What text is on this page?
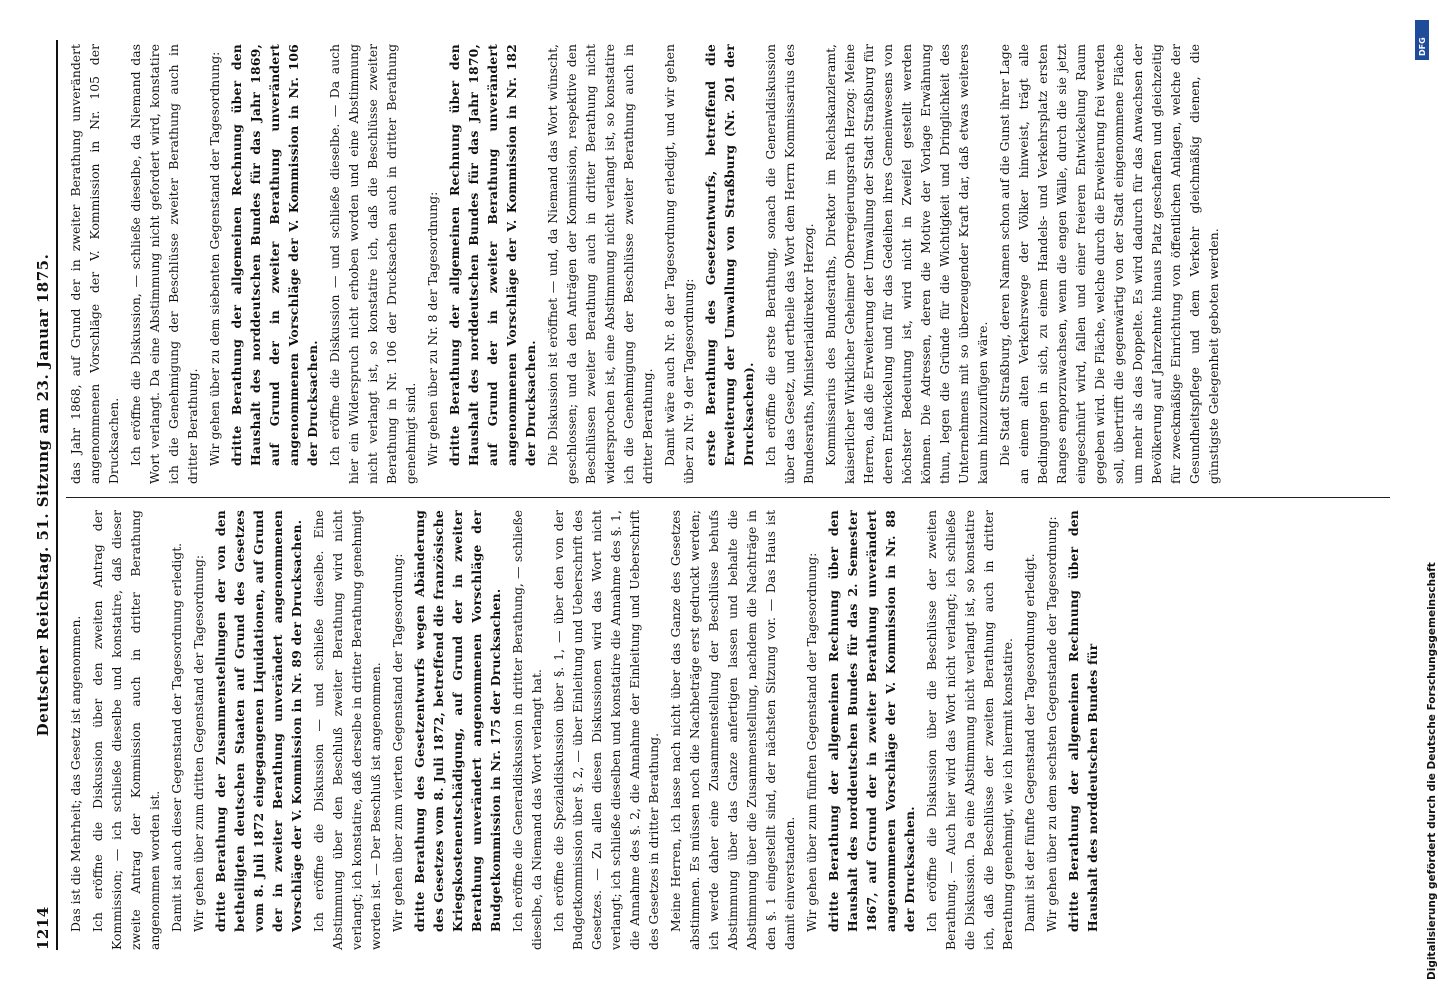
1214
Deutscher Reichstag. 51. Sitzung am 23. Januar 1875.

Das ist die Mehrheit; das Gesetz ist angenommen. Ich eröffne die Diskussion über den zweiten Antrag der Kommission; — ich schließe dieselbe und konstatire, daß dieser zweite Antrag der Kommission auch in dritter Berathung angenommen worden ist. Damit ist auch dieser Gegenstand der Tagesordnung erledigt. Wir gehen über zum dritten Gegenstand der Tagesordnung: dritte Berathung der Zusammenstellungen der von den betheiligten deutschen Staaten auf Grund des Gesetzes vom 8. Juli 1872 eingegangenen Liquidationen, auf Grund der in zweiter Berathung unverändert angenommenen Vorschläge der V. Kommission in Nr. 89 der Drucksachen. Ich eröffne die Diskussion — und schließe dieselbe. Eine Abstimmung über den Beschluß zweiter Berathung wird nicht verlangt; ich konstatire, daß derselbe in dritter Berathung genehmigt worden ist. — Der Beschluß ist angenommen. Wir gehen über zum vierten Gegenstand der Tagesordnung: dritte Berathung des Gesetzentwurfs wegen Abänderung des Gesetzes vom 8. Juli 1872, betreffend die französische Kriegskostenentschädigung, auf Grund der in zweiter Berathung unverändert angenommenen Vorschläge der Budgetkommission in Nr. 175 der Drucksachen. Ich eröffne die Generaldiskussion in dritter Berathung, — schließe dieselbe, da Niemand das Wort verlangt hat. Ich eröffne die Spezialdiskussion über §. 1, — über den von der Budgetkommission über §. 2, — über Einleitung und Ueberschrift des Gesetzes. — Zu allen diesen Diskussionen wird das Wort nicht verlangt; ich schließe dieselben und konstatire die Annahme des §. 1, die Annahme des §. 2, die Annahme der Einleitung und Ueberschrift des Gesetzes in dritter Berathung. Meine Herren, ich lasse nach nicht über das Ganze des Gesetzes abstimmen. Es müssen noch die Nachbeträge erst gedruckt werden; ich werde daher eine Zusammenstellung der Beschlüsse behufs Abstimmung über das Ganze anfertigen lassen und behalte die Abstimmung über die Zusammenstellung, nachdem die Nachträge in den §. 1 eingestellt sind, der nächsten Sitzung vor. — Das Haus ist damit einverstanden. Wir gehen über zum fünften Gegenstand der Tagesordnung: dritte Berathung der allgemeinen Rechnung über den Haushalt des norddeutschen Bundes für das 2. Semester 1867, auf Grund der in zweiter Berathung unverändert angenommenen Vorschläge der V. Kommission in Nr. 88 der Drucksachen. Ich eröffne die Diskussion über die Beschlüsse der zweiten Berathung. — Auch hier wird das Wort nicht verlangt; ich schließe die Diskussion. Da eine Abstimmung nicht verlangt ist, so konstatire ich, daß die Beschlüsse der zweiten Berathung auch in dritter Berathung genehmigt, wie ich hiermit konstatire. Damit ist der fünfte Gegenstand der Tagesordnung erledigt. Wir gehen über zu dem sechsten Gegenstande der Tagesordnung: dritte Berathung der allgemeinen Rechnung über den Haushalt des norddeutschen Bundes für

das Jahr 1868, auf Grund der in zweiter Berathung unverändert angenommenen Vorschläge der V. Kommission in Nr. 105 der Drucksachen. Ich eröffne die Diskussion, — schließe dieselbe, da Niemand das Wort verlangt. Da eine Abstimmung nicht gefordert wird, konstatire ich die Genehmigung der Beschlüsse zweiter Berathung auch in dritter Berathung. Wir gehen über zu dem siebenten Gegenstand der Tagesordnung: dritte Berathung der allgemeinen Rechnung über den Haushalt des norddeutschen Bundes für das Jahr 1869, auf Grund der in zweiter Berathung unverändert angenommenen Vorschläge der V. Kommission in Nr. 106 der Drucksachen. Ich eröffne die Diskussion — und schließe dieselbe. — Da auch hier ein Widerspruch nicht erhoben worden und eine Abstimmung nicht verlangt ist, so konstatire ich, daß die Beschlüsse zweiter Berathung in Nr. 106 der Drucksachen auch in dritter Berathung genehmigt sind. Wir gehen über zu Nr. 8 der Tagesordnung: dritte Berathung der allgemeinen Rechnung über den Haushalt des norddeutschen Bundes für das Jahr 1870, auf Grund der in zweiter Berathung unverändert angenommenen Vorschläge der V. Kommission in Nr. 182 der Drucksachen. Die Diskussion ist eröffnet — und, da Niemand das Wort wünscht, geschlossen; und da den Anträgen der Kommission, respektive den Beschlüssen zweiter Berathung auch in dritter Berathung nicht widersprochen ist, eine Abstimmung nicht verlangt ist, so konstatire ich die Genehmigung der Beschlüsse zweiter Berathung auch in dritter Berathung. Damit wäre auch Nr. 8 der Tagesordnung erledigt, und wir gehen über zu Nr. 9 der Tagesordnung: erste Berathung des Gesetzentwurfs, betreffend die Erweiterung der Umwallung von Straßburg (Nr. 201 der Drucksachen). Ich eröffne die erste Berathung, sonach die Generaldiskussion über das Gesetz, und ertheile das Wort dem Herrn Kommissarius des Bundesraths, Ministerialdirektor Herzog. Kommissarius des Bundesraths, Direktor im Reichskanzleramt, kaiserlicher Wirklicher Geheimer Oberregierungsrath Herzog: Meine Herren, daß die Erweiterung der Umwallung der Stadt Straßburg für deren Entwickelung und für das Gedeihen ihres Gemeinwesens von höchster Bedeutung ist, wird nicht in Zweifel gestellt werden können. Die Adressen, deren die Motive der Vorlage Erwähnung thun, legen die Gründe für die Wichtigkeit und Dringlichkeit des Unternehmens mit so überzeugender Kraft dar, daß etwas weiteres kaum hinzuzufügen wäre. Die Stadt Straßburg, deren Namen schon auf die Gunst ihrer Lage an einem alten Verkehrswege der Völker hinweist, trägt alle Bedingungen in sich, zu einem Handels- und Verkehrsplatz ersten Ranges emporzuwachsen, wenn die engen Wälle, durch die sie jetzt eingeschnürt wird, fallen und einer freieren Entwickelung Raum gegeben wird. Die Fläche, welche durch die Erweiterung frei werden soll, übertrifft die gegenwärtig von der Stadt eingenommene Fläche um mehr als das Doppelte. Es wird dadurch für das Anwachsen der Bevölkerung auf Jahrzehnte hinaus Platz geschaffen und gleichzeitig für zweckmäßige Einrichtung von öffentlichen Anlagen, welche der Gesundheitspflege und dem Verkehr gleichmäßig dienen, die günstigste Gelegenheit geboten werden.

Digitalisierung gefördert durch die Deutsche Forschungsgemeinschaft
DFG
